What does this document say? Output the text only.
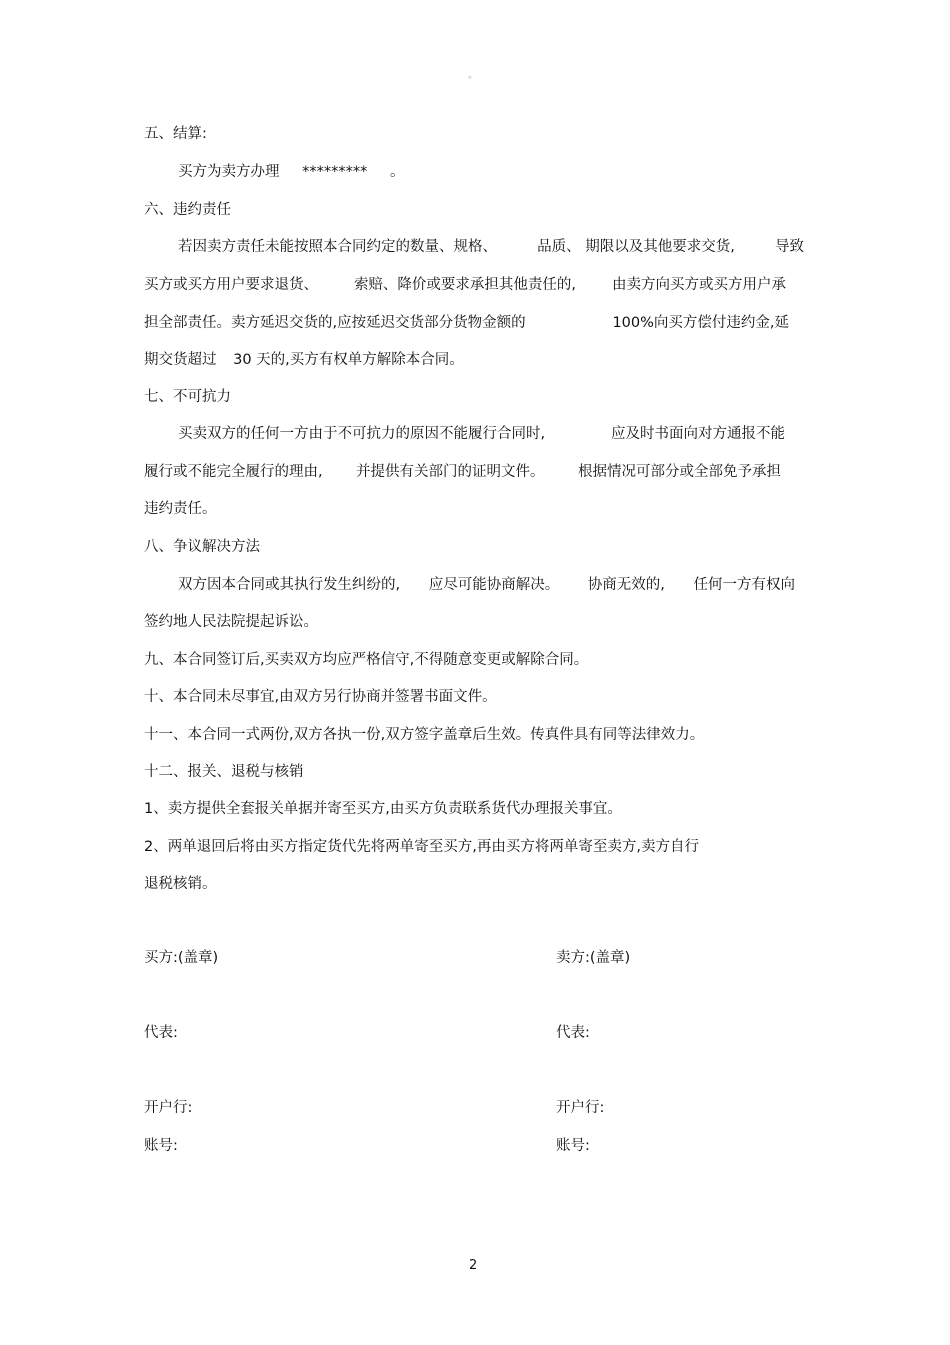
。
五、结算:
买方为卖方办理 ********* 。
六、违约责任
若因卖方责任未能按照本合同约定的数量、规格、	品质、 期限以及其他要求交货,	导致
买方或买方用户要求退货、 索赔、降价或要求承担其他责任的, 由卖方向买方或买方用户承
担全部责任。卖方延迟交货的,应按延迟交货部分货物金额的	100%向买方偿付违约金,延
期交货超过 30 天的,买方有权单方解除本合同。
七、不可抗力
买卖双方的任何一方由于不可抗力的原因不能履行合同时,	应及时书面向对方通报不能
履行或不能完全履行的理由, 并提供有关部门的证明文件。 根据情况可部分或全部免予承担
违约责任。
八、争议解决方法
双方因本合同或其执行发生纠纷的, 应尽可能协商解决。 协商无效的, 任何一方有权向
签约地人民法院提起诉讼。
九、本合同签订后,买卖双方均应严格信守,不得随意变更或解除合同。
十、本合同未尽事宜,由双方另行协商并签署书面文件。
十一、本合同一式两份,双方各执一份,双方签字盖章后生效。传真件具有同等法律效力。
十二、报关、退税与核销
1、卖方提供全套报关单据并寄至买方,由买方负责联系货代办理报关事宜。
2、两单退回后将由买方指定货代先将两单寄至买方,再由买方将两单寄至卖方,卖方自行
退税核销。
买方:(盖章)	卖方:(盖章)
代表:	代表:
开户行:	开户行:
账号:	账号:
2
